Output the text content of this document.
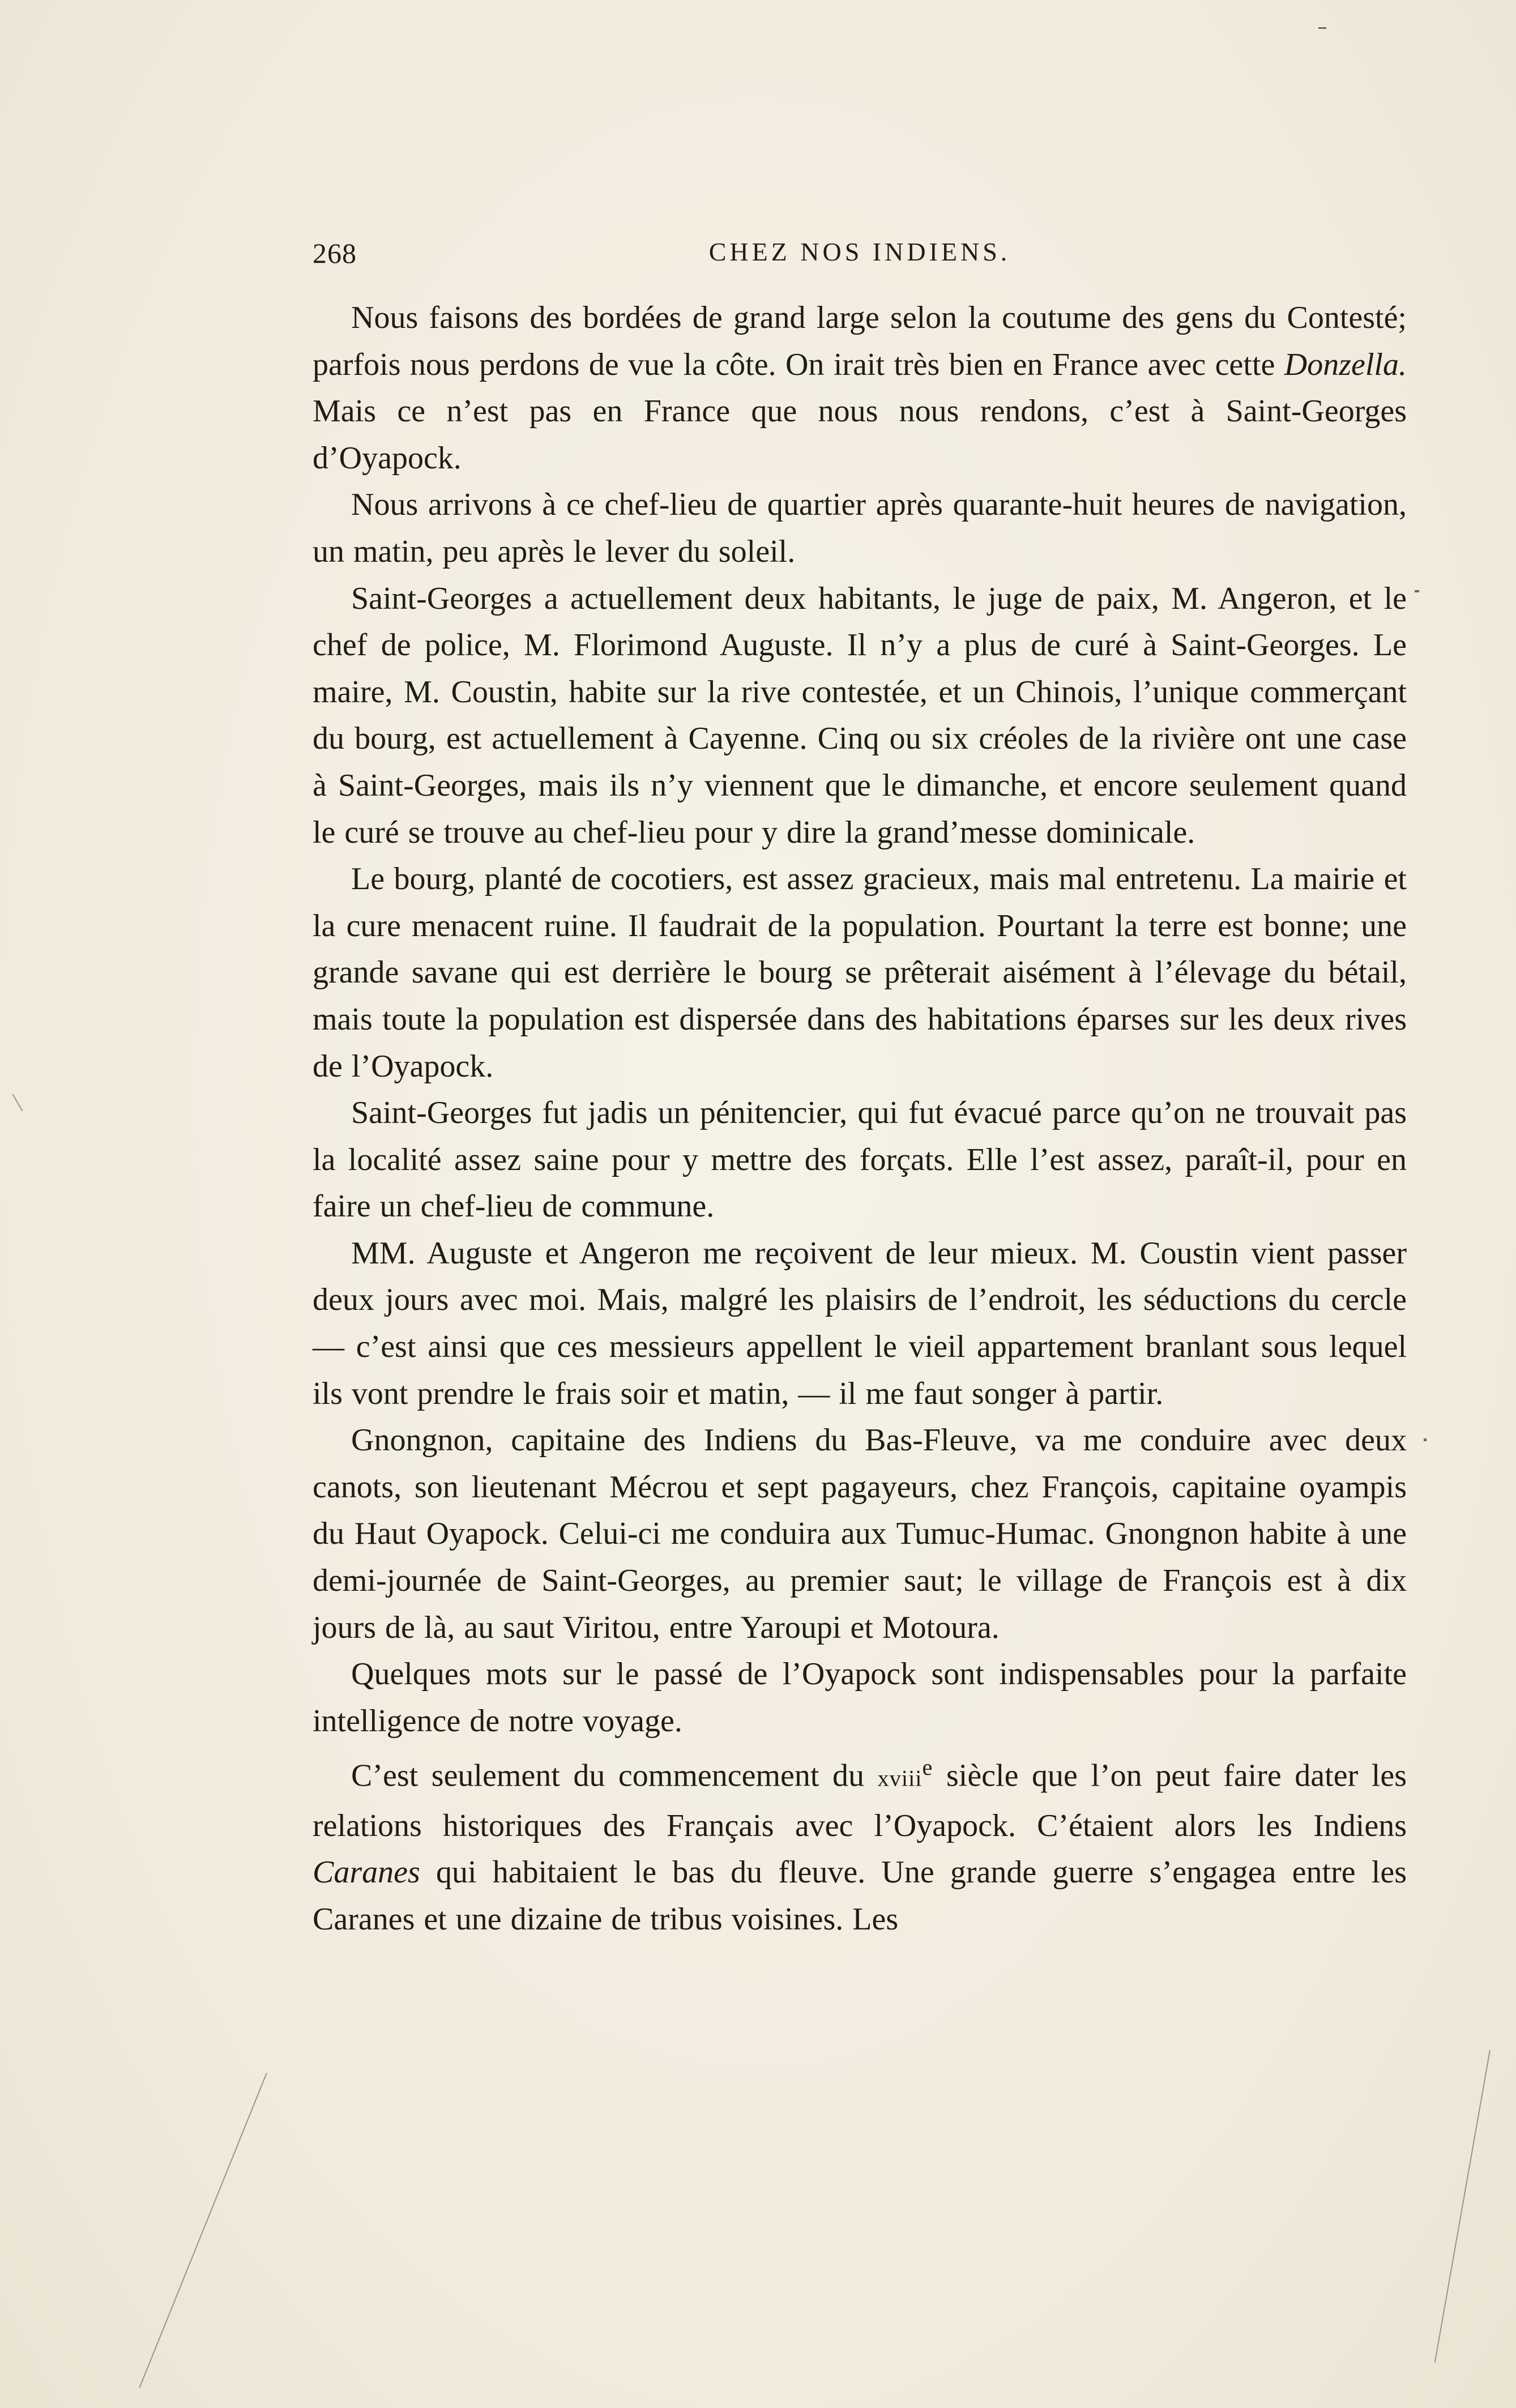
268	CHEZ NOS INDIENS.

Nous faisons des bordées de grand large selon la coutume des gens du Contesté; parfois nous perdons de vue la côte. On irait très bien en France avec cette Donzella. Mais ce n’est pas en France que nous nous rendons, c’est à Saint-Georges d’Oyapock.

Nous arrivons à ce chef-lieu de quartier après quarante-huit heures de navigation, un matin, peu après le lever du soleil.

Saint-Georges a actuellement deux habitants, le juge de paix, M. Angeron, et le chef de police, M. Florimond Auguste. Il n’y a plus de curé à Saint-Georges. Le maire, M. Coustin, habite sur la rive contestée, et un Chinois, l’unique commerçant du bourg, est actuellement à Cayenne. Cinq ou six créoles de la rivière ont une case à Saint-Georges, mais ils n’y viennent que le dimanche, et encore seulement quand le curé se trouve au chef-lieu pour y dire la grand’messe dominicale.

Le bourg, planté de cocotiers, est assez gracieux, mais mal entretenu. La mairie et la cure menacent ruine. Il faudrait de la population. Pourtant la terre est bonne; une grande savane qui est derrière le bourg se prêterait aisément à l’élevage du bétail, mais toute la population est dispersée dans des habitations éparses sur les deux rives de l’Oyapock.

Saint-Georges fut jadis un pénitencier, qui fut évacué parce qu’on ne trouvait pas la localité assez saine pour y mettre des forçats. Elle l’est assez, paraît-il, pour en faire un chef-lieu de commune.

MM. Auguste et Angeron me reçoivent de leur mieux. M. Coustin vient passer deux jours avec moi. Mais, malgré les plaisirs de l’endroit, les séductions du cercle — c’est ainsi que ces messieurs appellent le vieil appartement branlant sous lequel ils vont prendre le frais soir et matin, — il me faut songer à partir.

Gnongnon, capitaine des Indiens du Bas-Fleuve, va me conduire avec deux canots, son lieutenant Mécrou et sept pagayeurs, chez François, capitaine oyampis du Haut Oyapock. Celui-ci me conduira aux Tumuc-Humac. Gnongnon habite à une demi-journée de Saint-Georges, au premier saut; le village de François est à dix jours de là, au saut Viritou, entre Yaroupi et Motoura.

Quelques mots sur le passé de l’Oyapock sont indispensables pour la parfaite intelligence de notre voyage.

C’est seulement du commencement du xviii$^e$ siècle que l’on peut faire dater les relations historiques des Français avec l’Oyapock. C’étaient alors les Indiens Caranes qui habitaient le bas du fleuve. Une grande guerre s’engagea entre les Caranes et une dizaine de tribus voisines. Les
